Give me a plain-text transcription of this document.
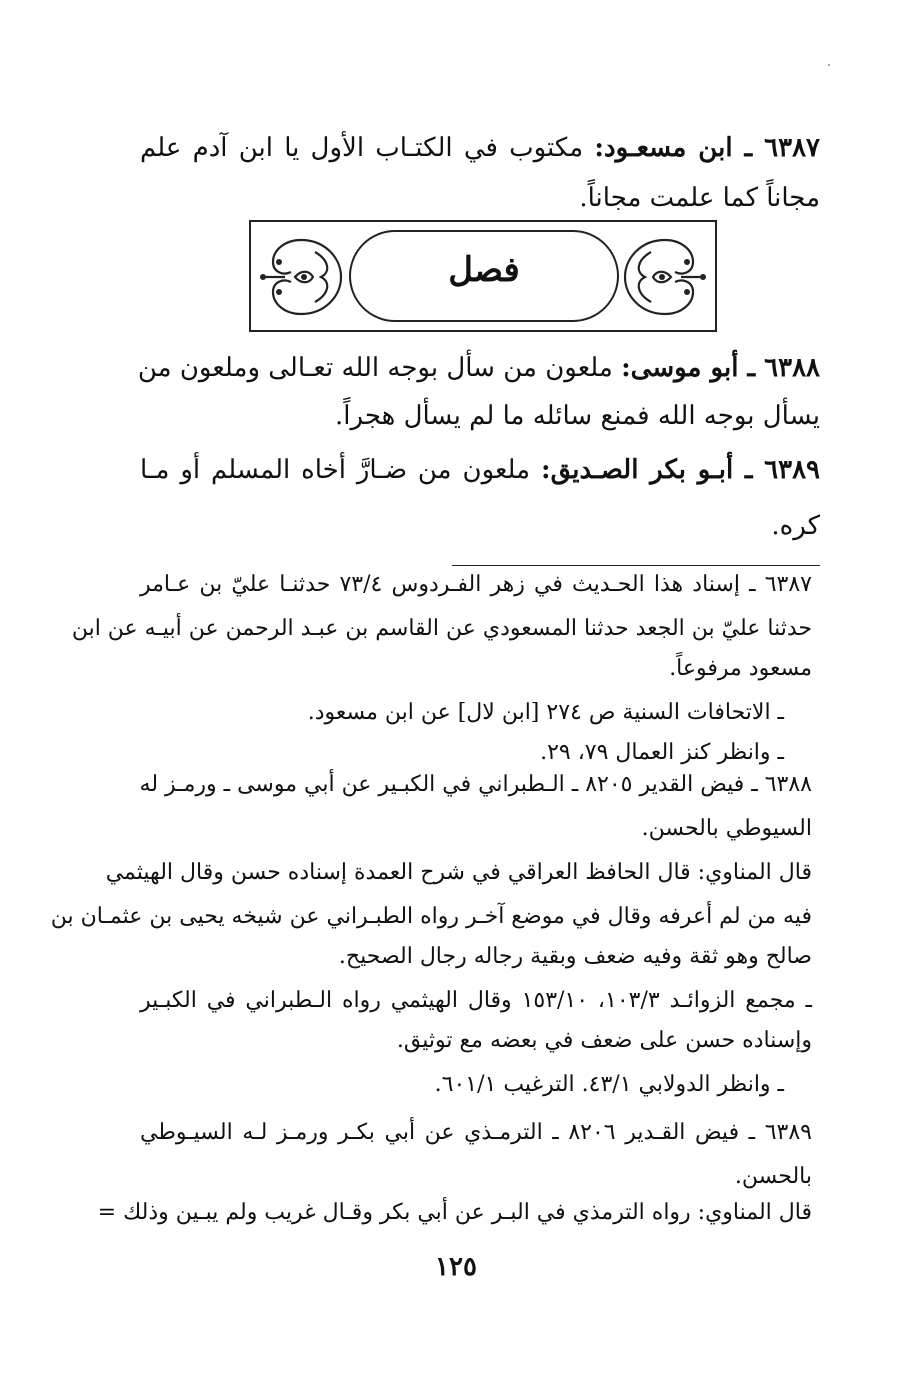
٦٣٨٧ ـ ابن مسعـود: مكتوب في الكتـاب الأول يا ابن آدم علم
مجاناً كما علمت مجاناً.
فصل
٦٣٨٨ ـ أبو موسى: ملعون من سأل بوجه الله تعـالى وملعون من
يسأل بوجه الله فمنع سائله ما لم يسأل هجراً.
٦٣٨٩ ـ أبـو بكر الصـديق: ملعون من ضـارَّ أخاه المسلم أو مـا
كره.
٦٣٨٧ ـ إسناد هذا الحـديث في زهر الفـردوس ٧٣/٤ حدثنـا عليّ بن عـامر
حدثنا عليّ بن الجعد حدثنا المسعودي عن القاسم بن عبـد الرحمن عن أبيـه عن ابن
مسعود مرفوعاً.
ـ الاتحافات السنية ص ٢٧٤ [ابن لال] عن ابن مسعود.
ـ وانظر كنز العمال ٧٩، ٢٩.
٦٣٨٨ ـ فيض القدير ٨٢٠٥ ـ الـطبراني في الكبـير عن أبي موسى ـ ورمـز له
السيوطي بالحسن.
قال المناوي: قال الحافظ العراقي في شرح العمدة إسناده حسن وقال الهيثمي
فيه من لم أعرفه وقال في موضع آخـر رواه الطبـراني عن شيخه يحيى بن عثمـان بن
صالح وهو ثقة وفيه ضعف وبقية رجاله رجال الصحيح.
ـ مجمع الزوائـد ١٠٣/٣، ١٥٣/١٠ وقال الهيثمي رواه الـطبراني في الكبـير
وإسناده حسن على ضعف في بعضه مع توثيق.
ـ وانظر الدولابي ٤٣/١. الترغيب ٦٠١/١.
٦٣٨٩ ـ فيض القـدير ٨٢٠٦ ـ الترمـذي عن أبي بكـر ورمـز لـه السيـوطي
بالحسن.
قال المناوي: رواه الترمذي في البـر عن أبي بكر وقـال غريب ولم يبـين وذلك =
١٢٥
